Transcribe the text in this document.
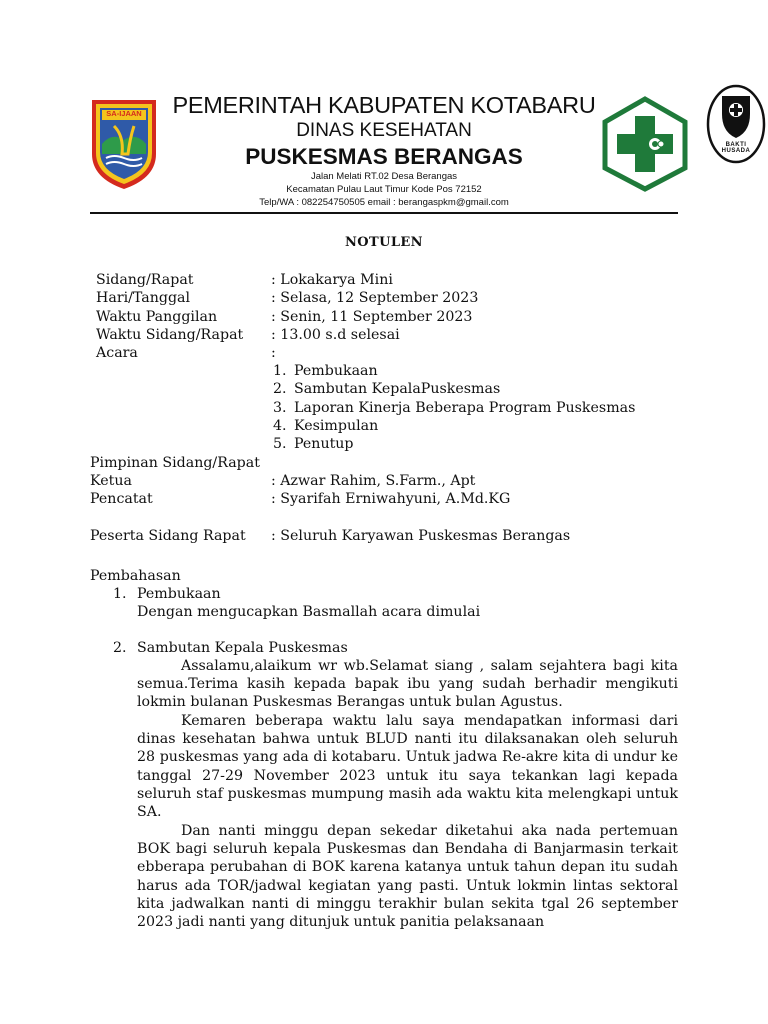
SA-IJAAN
BAKTI HUSADA
PEMERINTAH KABUPATEN KOTABARU
DINAS KESEHATAN
PUSKESMAS BERANGAS
Jalan Melati RT.02 Desa Berangas
Kecamatan Pulau Laut Timur Kode Pos 72152
Telp/WA : 082254750505 email : berangaspkm@gmail.com
NOTULEN
Sidang/Rapat	: Lokakarya Mini
Hari/Tanggal	: Selasa, 12 September 2023
Waktu Panggilan	: Senin, 11 September 2023
Waktu Sidang/Rapat : 13.00 s.d selesai
Acara	:
1. Pembukaan
2. Sambutan KepalaPuskesmas
3. Laporan Kinerja Beberapa Program Puskesmas
4. Kesimpulan
5. Penutup
Pimpinan Sidang/Rapat
Ketua	: Azwar Rahim, S.Farm., Apt
Pencatat	: Syarifah Erniwahyuni, A.Md.KG
Peserta Sidang Rapat : Seluruh Karyawan Puskesmas Berangas
Pembahasan
1. Pembukaan
Dengan mengucapkan Basmallah acara dimulai
2. Sambutan Kepala Puskesmas
Assalamu,alaikum wr wb.Selamat siang , salam sejahtera bagi kita semua.Terima kasih kepada bapak ibu yang sudah berhadir mengikuti lokmin bulanan Puskesmas Berangas untuk bulan Agustus.
Kemaren beberapa waktu lalu saya mendapatkan informasi dari dinas kesehatan bahwa untuk BLUD nanti itu dilaksanakan oleh seluruh 28 puskesmas yang ada di kotabaru. Untuk jadwa Re-akre kita di undur ke tanggal 27-29 November 2023 untuk itu saya tekankan lagi kepada seluruh staf puskesmas mumpung masih ada waktu kita melengkapi untuk SA.
Dan nanti minggu depan sekedar diketahui aka nada pertemuan BOK bagi seluruh kepala Puskesmas dan Bendaha di Banjarmasin terkait ebberapa perubahan di BOK karena katanya untuk tahun depan itu sudah harus ada TOR/jadwal kegiatan yang pasti. Untuk lokmin lintas sektoral kita jadwalkan nanti di minggu terakhir bulan sekita tgal 26 september 2023 jadi nanti yang ditunjuk untuk panitia pelaksanaan
